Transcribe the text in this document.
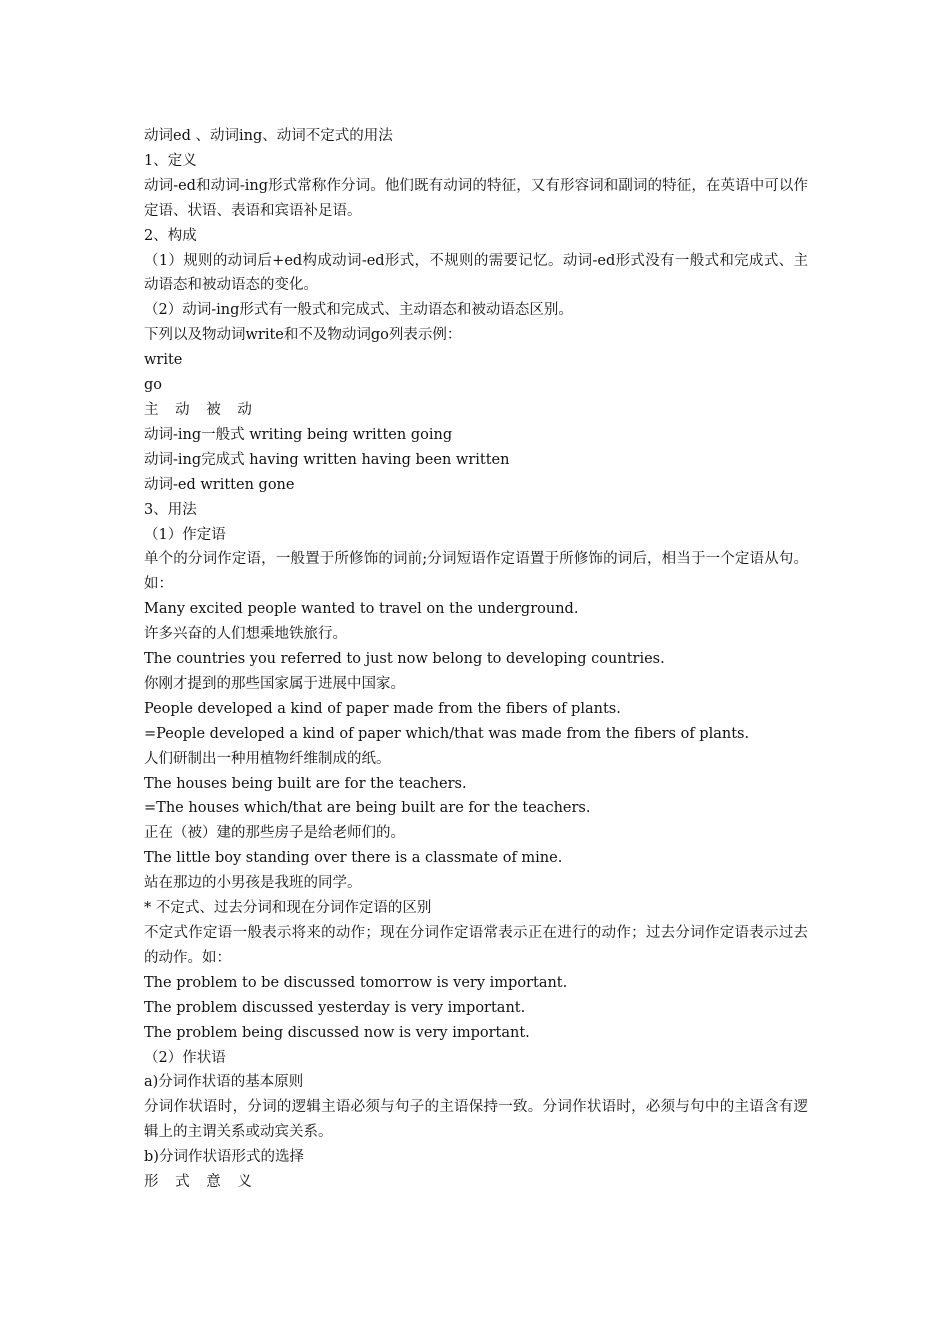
动词ed 、动词ing、动词不定式的用法
1、定义
动词-ed和动词-ing形式常称作分词。他们既有动词的特征，又有形容词和副词的特征，在英语中可以作定语、状语、表语和宾语补足语。
2、构成
（1）规则的动词后+ed构成动词-ed形式，不规则的需要记忆。动词-ed形式没有一般式和完成式、主动语态和被动语态的变化。
（2）动词-ing形式有一般式和完成式、主动语态和被动语态区别。
下列以及物动词write和不及物动词go列表示例：
write
go
主 动 被 动
动词-ing一般式 writing being written going
动词-ing完成式 having written having been written
动词-ed written gone
3、用法
（1）作定语
单个的分词作定语，一般置于所修饰的词前;分词短语作定语置于所修饰的词后，相当于一个定语从句。如：
Many excited people wanted to travel on the underground.
许多兴奋的人们想乘地铁旅行。
The countries you referred to just now belong to developing countries.
你刚才提到的那些国家属于进展中国家。
People developed a kind of paper made from the fibers of plants.
=People developed a kind of paper which/that was made from the fibers of plants.
人们研制出一种用植物纤维制成的纸。
The houses being built are for the teachers.
=The houses which/that are being built are for the teachers.
正在（被）建的那些房子是给老师们的。
The little boy standing over there is a classmate of mine.
站在那边的小男孩是我班的同学。
* 不定式、过去分词和现在分词作定语的区别
不定式作定语一般表示将来的动作；现在分词作定语常表示正在进行的动作；过去分词作定语表示过去的动作。如：
The problem to be discussed tomorrow is very important.
The problem discussed yesterday is very important.
The problem being discussed now is very important.
（2）作状语
a)分词作状语的基本原则
分词作状语时，分词的逻辑主语必须与句子的主语保持一致。分词作状语时，必须与句中的主语含有逻辑上的主谓关系或动宾关系。
b)分词作状语形式的选择
形 式 意 义
